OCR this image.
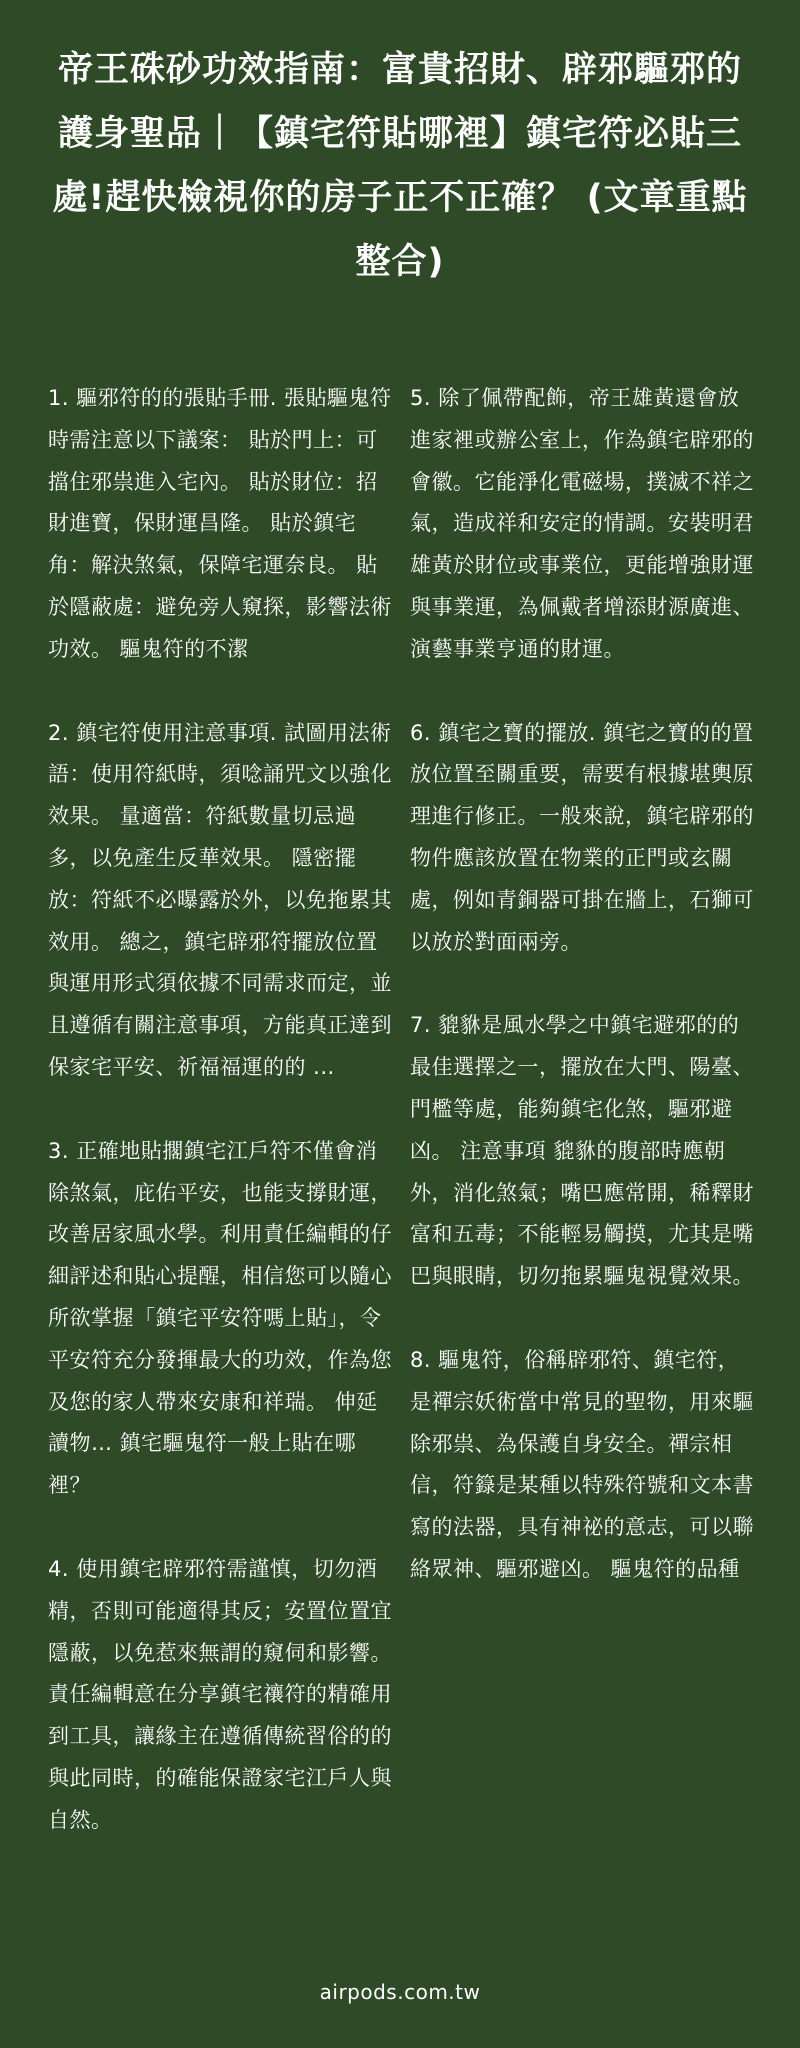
帝王硃砂功效指南：富貴招財、辟邪驅邪的護身聖品｜【鎮宅符貼哪裡】鎮宅符必貼三處!趕快檢視你的房子正不正確？ (文章重點整合)

1. 驅邪符的的張貼手冊. 張貼驅鬼符時需注意以下議案： 貼於門上：可擋住邪祟進入宅內。 貼於財位：招財進寶，保財運昌隆。 貼於鎮宅角：解決煞氣，保障宅運奈良。 貼於隱蔽處：避免旁人窺探，影響法術功效。 驅鬼符的不潔

2. 鎮宅符使用注意事項. 試圖用法術語：使用符紙時，須唸誦咒文以強化效果。 量適當：符紙數量切忌過多，以免產生反華效果。 隱密擺放：符紙不必曝露於外，以免拖累其效用。 總之，鎮宅辟邪符擺放位置與運用形式須依據不同需求而定，並且遵循有關注意事項，方能真正達到保家宅平安、祈福福運的的 ...

3. 正確地貼擱鎮宅江戶符不僅會消除煞氣，庇佑平安，也能支撐財運，改善居家風水學。利用責任編輯的仔細評述和貼心提醒，相信您可以隨心所欲掌握「鎮宅平安符嗎上貼」，令平安符充分發揮最大的功效，作為您及您的家人帶來安康和祥瑞。 伸延讀物… 鎮宅驅鬼符一般上貼在哪裡？

4. 使用鎮宅辟邪符需謹慎，切勿酒精，否則可能適得其反；安置位置宜隱蔽，以免惹來無謂的窺伺和影響。責任編輯意在分享鎮宅禳符的精確用到工具，讓緣主在遵循傳統習俗的的與此同時，的確能保證家宅江戶人與自然。

5. 除了佩帶配飾，帝王雄黃還會放進家裡或辦公室上，作為鎮宅辟邪的會徽。它能淨化電磁場，撲滅不祥之氣，造成祥和安定的情調。安裝明君雄黃於財位或事業位，更能增強財運與事業運，為佩戴者增添財源廣進、演藝事業亨通的財運。

6. 鎮宅之寶的擺放. 鎮宅之寶的的置放位置至關重要，需要有根據堪輿原理進行修正。一般來說，鎮宅辟邪的物件應該放置在物業的正門或玄關處，例如青銅器可掛在牆上，石獅可以放於對面兩旁。

7. 貔貅是風水學之中鎮宅避邪的的最佳選擇之一，擺放在大門、陽臺、門檻等處，能夠鎮宅化煞，驅邪避凶。 注意事項 貔貅的腹部時應朝外，消化煞氣；嘴巴應常開，稀釋財富和五毒；不能輕易觸摸，尤其是嘴巴與眼睛，切勿拖累驅鬼視覺效果。

8. 驅鬼符，俗稱辟邪符、鎮宅符，是禪宗妖術當中常見的聖物，用來驅除邪祟、為保護自身安全。禪宗相信，符籙是某種以特殊符號和文本書寫的法器，具有神祕的意志，可以聯絡眾神、驅邪避凶。 驅鬼符的品種

airpods.com.tw
